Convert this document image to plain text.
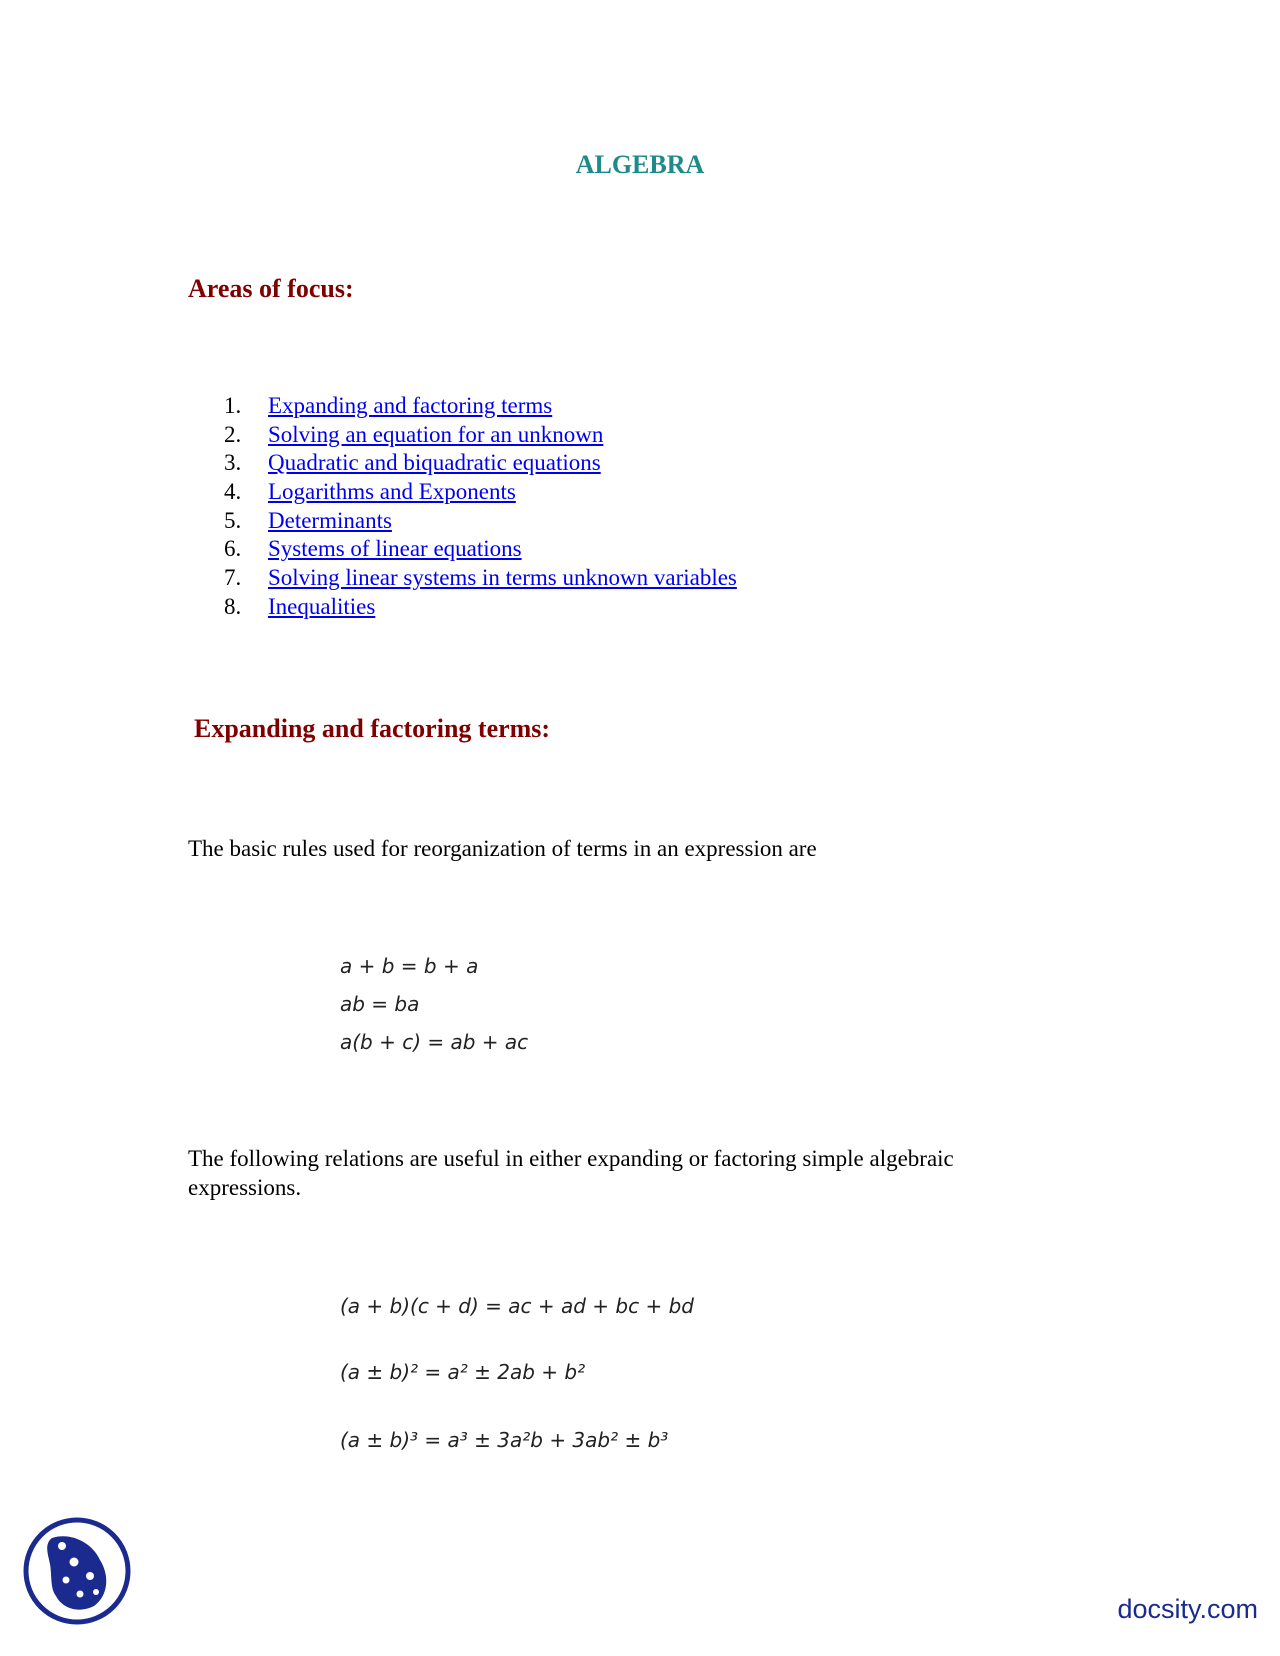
ALGEBRA
Areas of focus:
1. Expanding and factoring terms
2. Solving an equation for an unknown
3. Quadratic and biquadratic equations
4. Logarithms and Exponents
5. Determinants
6. Systems of linear equations
7. Solving linear systems in terms unknown variables
8. Inequalities
Expanding and factoring terms:
The basic rules used for reorganization of terms in an expression are
a + b = b + a
ab = ba
a(b + c) = ab + ac
The following relations are useful in either expanding or factoring simple algebraic expressions.
(a + b)(c + d) = ac + ad + bc + bd
(a ± b)² = a² ± 2ab + b²
(a ± b)³ = a³ ± 3a²b + 3ab² ± b³
docsity.com
